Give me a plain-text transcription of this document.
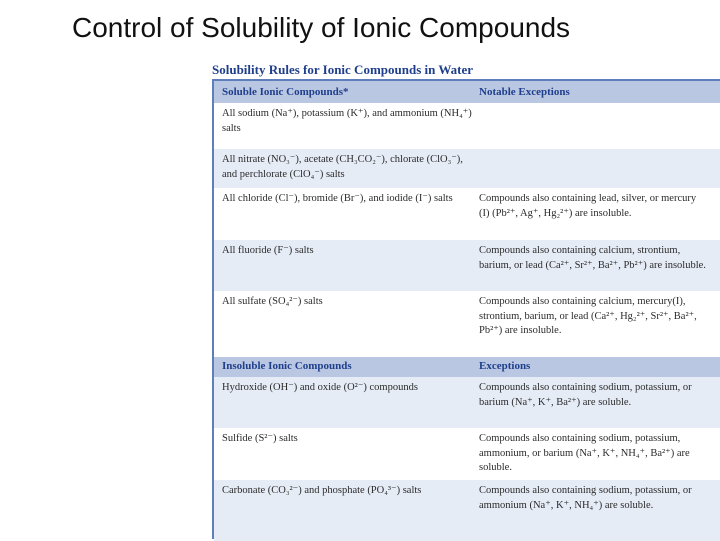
Control of Solubility of Ionic Compounds
Solubility Rules for Ionic Compounds in Water
Soluble Ionic Compounds*	Notable Exceptions
All sodium (Na⁺), potassium (K⁺), and ammonium (NH₄⁺) salts
All nitrate (NO₃⁻), acetate (CH₃CO₂⁻), chlorate (ClO₃⁻), and perchlorate (ClO₄⁻) salts
All chloride (Cl⁻), bromide (Br⁻), and iodide (I⁻) salts	Compounds also containing lead, silver, or mercury (I) (Pb²⁺, Ag⁺, Hg₂²⁺) are insoluble.
All fluoride (F⁻) salts	Compounds also containing calcium, strontium, barium, or lead (Ca²⁺, Sr²⁺, Ba²⁺, Pb²⁺) are insoluble.
All sulfate (SO₄²⁻) salts	Compounds also containing calcium, mercury(I), strontium, barium, or lead (Ca²⁺, Hg₂²⁺, Sr²⁺, Ba²⁺, Pb²⁺) are insoluble.
Insoluble Ionic Compounds	Exceptions
Hydroxide (OH⁻) and oxide (O²⁻) compounds	Compounds also containing sodium, potassium, or barium (Na⁺, K⁺, Ba²⁺) are soluble.
Sulfide (S²⁻) salts	Compounds also containing sodium, potassium, ammonium, or barium (Na⁺, K⁺, NH₄⁺, Ba²⁺) are soluble.
Carbonate (CO₃²⁻) and phosphate (PO₄³⁻) salts	Compounds also containing sodium, potassium, or ammonium (Na⁺, K⁺, NH₄⁺) are soluble.
